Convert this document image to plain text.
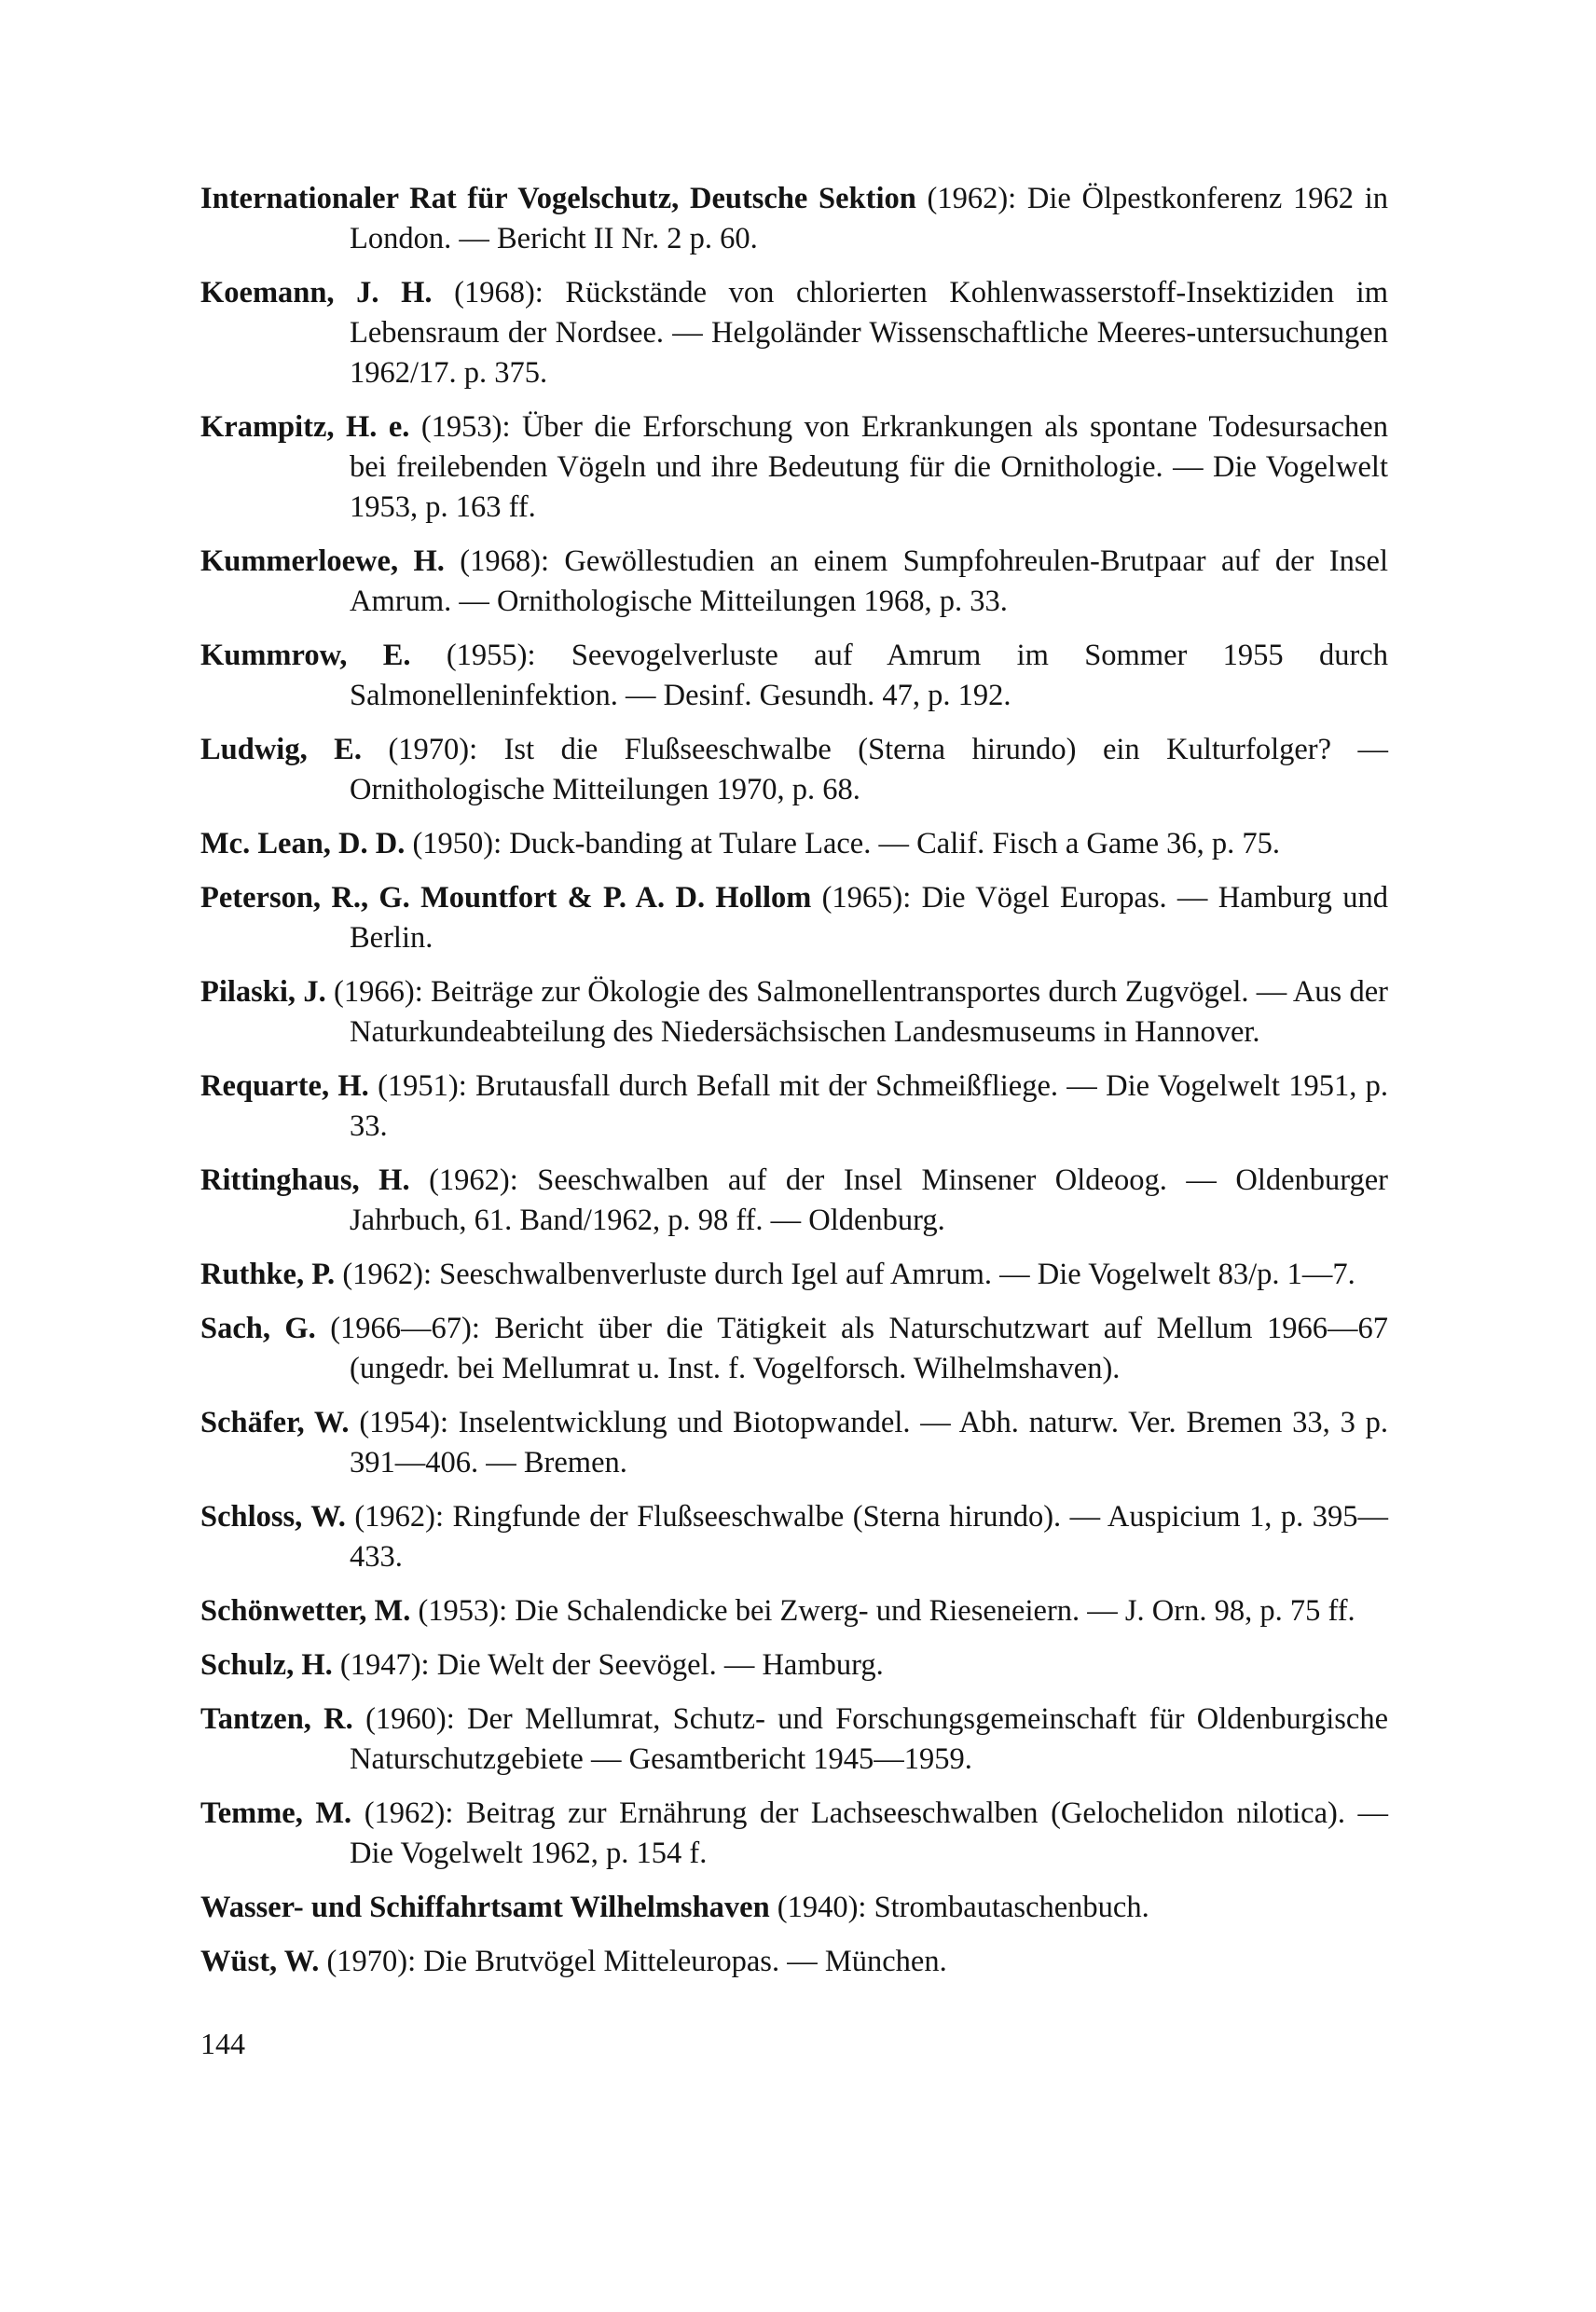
Internationaler Rat für Vogelschutz, Deutsche Sektion (1962): Die Ölpestkonferenz 1962 in London. — Bericht II Nr. 2 p. 60.
Koemann, J. H. (1968): Rückstände von chlorierten Kohlenwasserstoff-Insektiziden im Lebensraum der Nordsee. — Helgoländer Wissenschaftliche Meeres-untersuchungen 1962/17. p. 375.
Krampitz, H. e. (1953): Über die Erforschung von Erkrankungen als spontane Todesursachen bei freilebenden Vögeln und ihre Bedeutung für die Ornithologie. — Die Vogelwelt 1953, p. 163 ff.
Kummerloewe, H. (1968): Gewöllestudien an einem Sumpfohreulen-Brutpaar auf der Insel Amrum. — Ornithologische Mitteilungen 1968, p. 33.
Kummrow, E. (1955): Seevogelverluste auf Amrum im Sommer 1955 durch Salmonelleninfektion. — Desinf. Gesundh. 47, p. 192.
Ludwig, E. (1970): Ist die Flußseeschwalbe (Sterna hirundo) ein Kulturfolger? — Ornithologische Mitteilungen 1970, p. 68.
Mc. Lean, D. D. (1950): Duck-banding at Tulare Lace. — Calif. Fisch a Game 36, p. 75.
Peterson, R., G. Mountfort & P. A. D. Hollom (1965): Die Vögel Europas. — Hamburg und Berlin.
Pilaski, J. (1966): Beiträge zur Ökologie des Salmonellentransportes durch Zugvögel. — Aus der Naturkundeabteilung des Niedersächsischen Landesmuseums in Hannover.
Requarte, H. (1951): Brutausfall durch Befall mit der Schmeißfliege. — Die Vogelwelt 1951, p. 33.
Rittinghaus, H. (1962): Seeschwalben auf der Insel Minsener Oldeoog. — Oldenburger Jahrbuch, 61. Band/1962, p. 98 ff. — Oldenburg.
Ruthke, P. (1962): Seeschwalbenverluste durch Igel auf Amrum. — Die Vogelwelt 83/p. 1—7.
Sach, G. (1966—67): Bericht über die Tätigkeit als Naturschutzwart auf Mellum 1966—67 (ungedr. bei Mellumrat u. Inst. f. Vogelforsch. Wilhelmshaven).
Schäfer, W. (1954): Inselentwicklung und Biotopwandel. — Abh. naturw. Ver. Bremen 33, 3 p. 391—406. — Bremen.
Schloss, W. (1962): Ringfunde der Flußseeschwalbe (Sterna hirundo). — Auspicium 1, p. 395—433.
Schönwetter, M. (1953): Die Schalendicke bei Zwerg- und Rieseneiern. — J. Orn. 98, p. 75 ff.
Schulz, H. (1947): Die Welt der Seevögel. — Hamburg.
Tantzen, R. (1960): Der Mellumrat, Schutz- und Forschungsgemeinschaft für Oldenburgische Naturschutzgebiete — Gesamtbericht 1945—1959.
Temme, M. (1962): Beitrag zur Ernährung der Lachseeschwalben (Gelochelidon nilotica). — Die Vogelwelt 1962, p. 154 f.
Wasser- und Schiffahrtsamt Wilhelmshaven (1940): Strombautaschenbuch.
Wüst, W. (1970): Die Brutvögel Mitteleuropas. — München.
144
